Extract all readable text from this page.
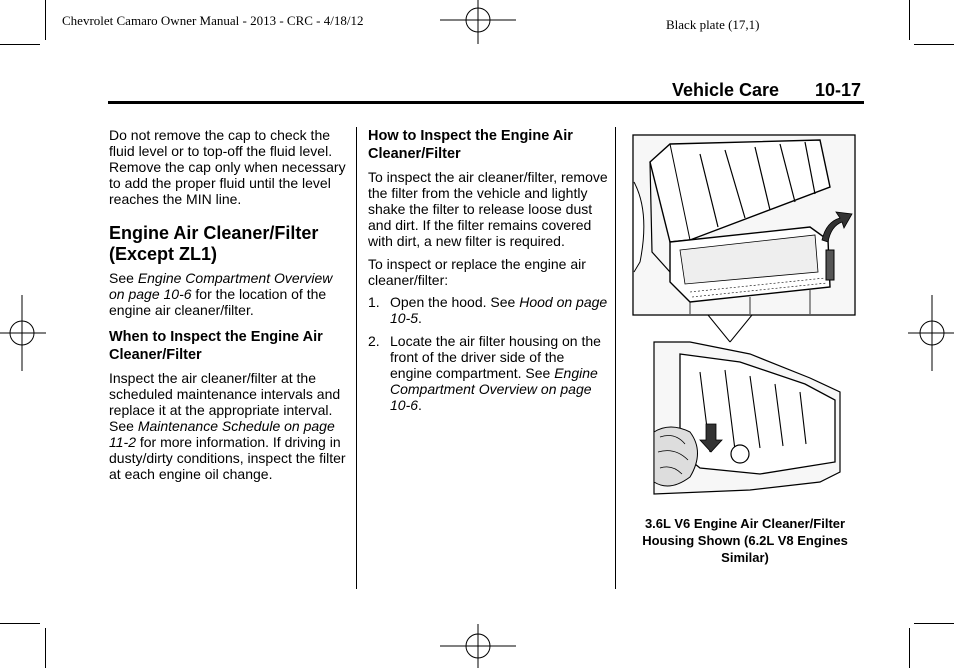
Chevrolet Camaro Owner Manual - 2013 - CRC - 4/18/12	Black plate (17,1)
Vehicle Care 10-17

Do not remove the cap to check the fluid level or to top-off the fluid level. Remove the cap only when necessary to add the proper fluid until the level reaches the MIN line.

Engine Air Cleaner/Filter (Except ZL1)

See Engine Compartment Overview on page 10-6 for the location of the engine air cleaner/filter.

When to Inspect the Engine Air Cleaner/Filter

Inspect the air cleaner/filter at the scheduled maintenance intervals and replace it at the appropriate interval. See Maintenance Schedule on page 11-2 for more information. If driving in dusty/dirty conditions, inspect the filter at each engine oil change.

How to Inspect the Engine Air Cleaner/Filter

To inspect the air cleaner/filter, remove the filter from the vehicle and lightly shake the filter to release loose dust and dirt. If the filter remains covered with dirt, a new filter is required.

To inspect or replace the engine air cleaner/filter:

1. Open the hood. See Hood on page 10-5.
2. Locate the air filter housing on the front of the driver side of the engine compartment. See Engine Compartment Overview on page 10-6.
3.6L V6 Engine Air Cleaner/Filter Housing Shown (6.2L V8 Engines Similar)
